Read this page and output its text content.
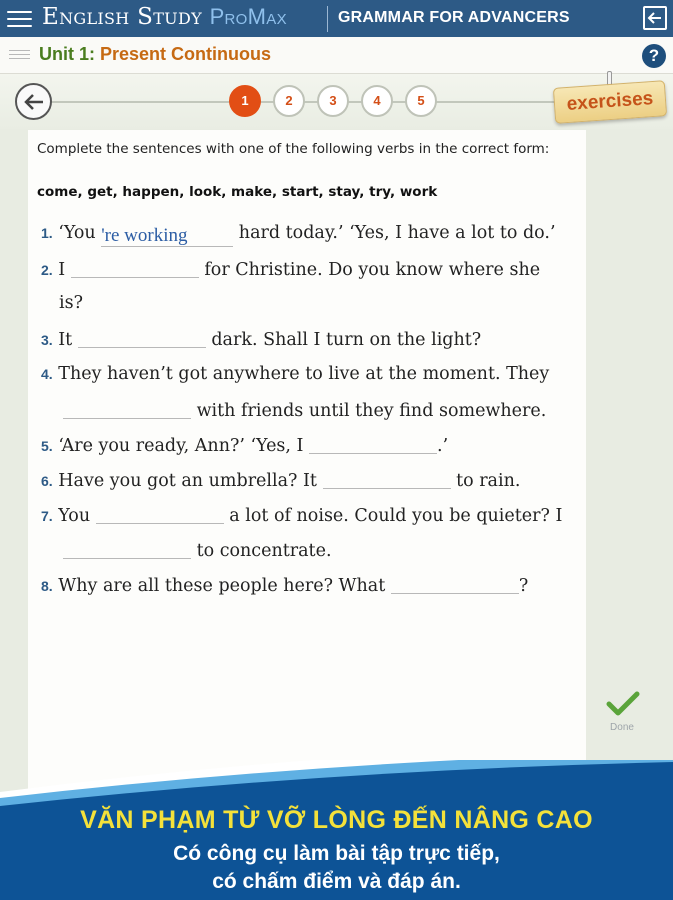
English Study ProMax	GRAMMAR FOR ADVANCERS
Unit 1: Present Continuous	?
1	2	3	4	5	exercises
Complete the sentences with one of the following verbs in the correct form:
come, get, happen, look, make, start, stay, try, work
1. ‘You 're working	hard today.’ ‘Yes, I have a lot to do.’
2. I	for Christine. Do you know where she
is?
3. It	dark. Shall I turn on the light?
4. They haven’t got anywhere to live at the moment. They
with friends until they find somewhere.
5. ‘Are you ready, Ann?’ ‘Yes, I	.’
6. Have you got an umbrella? It	to rain.
7. You	a lot of noise. Could you be quieter? I
to concentrate.
8. Why are all these people here? What	?
Done
VĂN PHẠM TỪ VỠ LÒNG ĐẾN NÂNG CAO
Có công cụ làm bài tập trực tiếp,
có chấm điểm và đáp án.
